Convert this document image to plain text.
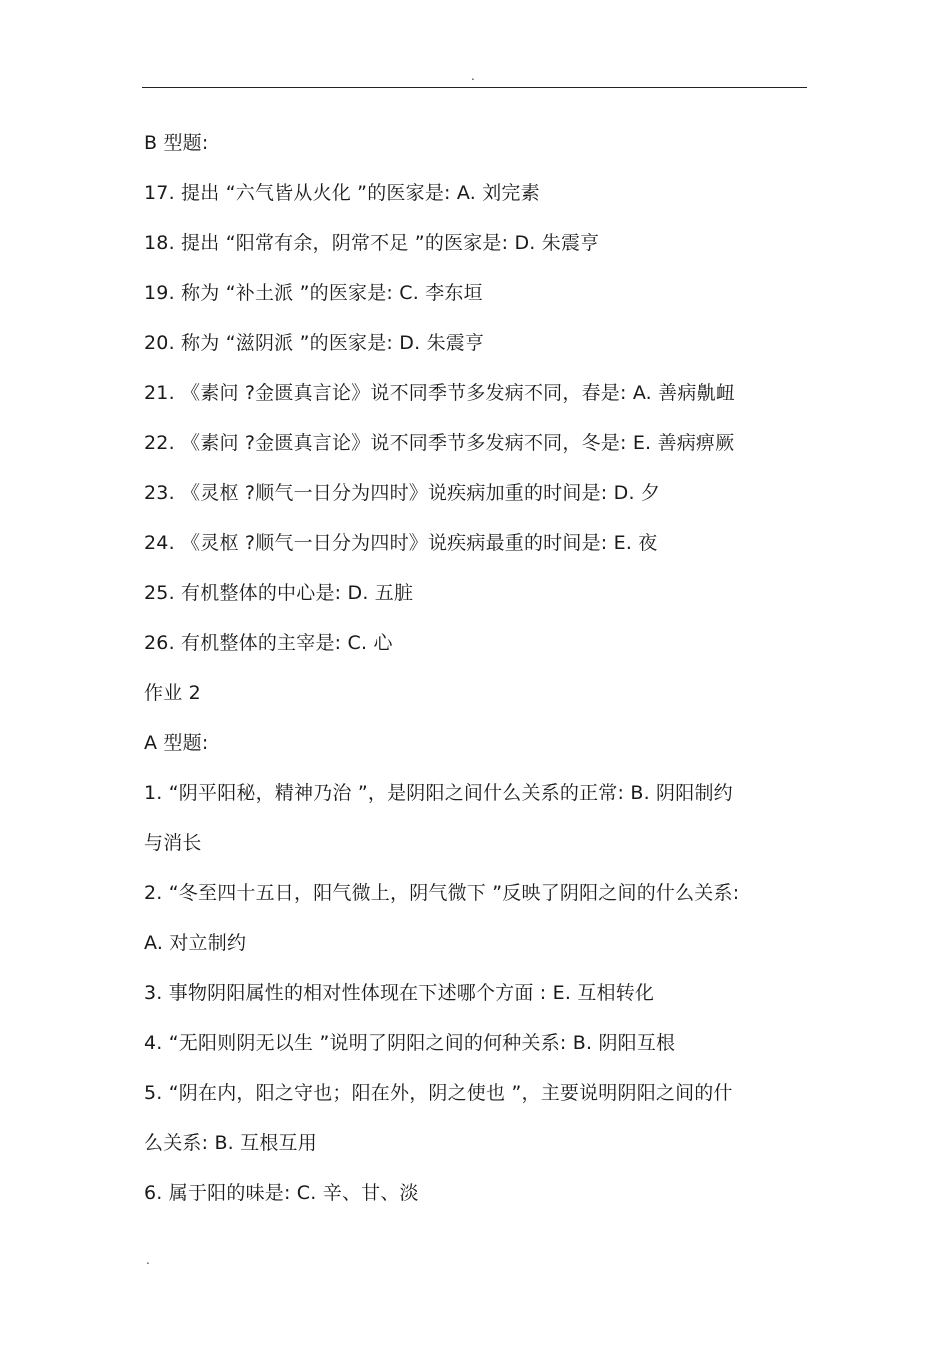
.
B 型题:
17. 提出 “六气皆从火化 ”的医家是: A. 刘完素
18. 提出 “阳常有余，阴常不足 ”的医家是: D. 朱震亨
19. 称为 “补土派 ”的医家是: C. 李东垣
20. 称为 “滋阴派 ”的医家是: D. 朱震亨
21. 《素问 ?金匮真言论》说不同季节多发病不同，春是: A. 善病鼽衄
22. 《素问 ?金匮真言论》说不同季节多发病不同，冬是: E. 善病痹厥
23. 《灵枢 ?顺气一日分为四时》说疾病加重的时间是: D. 夕
24. 《灵枢 ?顺气一日分为四时》说疾病最重的时间是: E. 夜
25. 有机整体的中心是: D. 五脏
26. 有机整体的主宰是: C. 心
作业 2
A 型题:
1. “阴平阳秘，精神乃治 ”，是阴阳之间什么关系的正常: B. 阴阳制约
与消长
2. “冬至四十五日，阳气微上，阴气微下 ”反映了阴阳之间的什么关系:
A. 对立制约
3. 事物阴阳属性的相对性体现在下述哪个方面 : E. 互相转化
4. “无阳则阴无以生 ”说明了阴阳之间的何种关系: B. 阴阳互根
5. “阴在内，阳之守也；阳在外，阴之使也 ”，主要说明阴阳之间的什
么关系: B. 互根互用
6. 属于阳的味是: C. 辛、甘、淡
.
